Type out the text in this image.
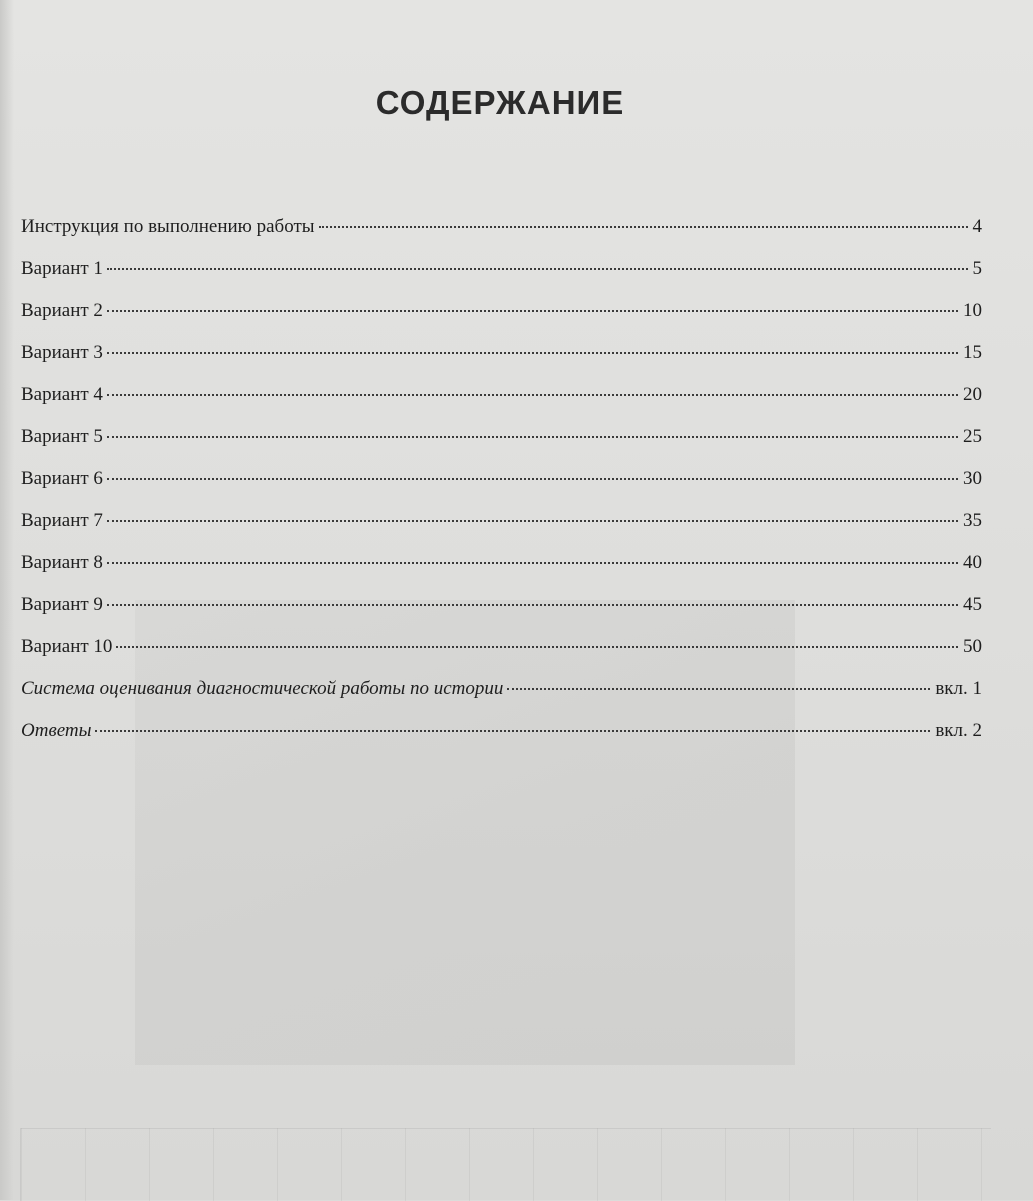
СОДЕРЖАНИЕ
Инструкция по выполнению работы	4
Вариант 1	5
Вариант 2	10
Вариант 3	15
Вариант 4	20
Вариант 5	25
Вариант 6	30
Вариант 7	35
Вариант 8	40
Вариант 9	45
Вариант 10	50
Система оценивания диагностической работы по истории	вкл. 1
Ответы	вкл. 2
